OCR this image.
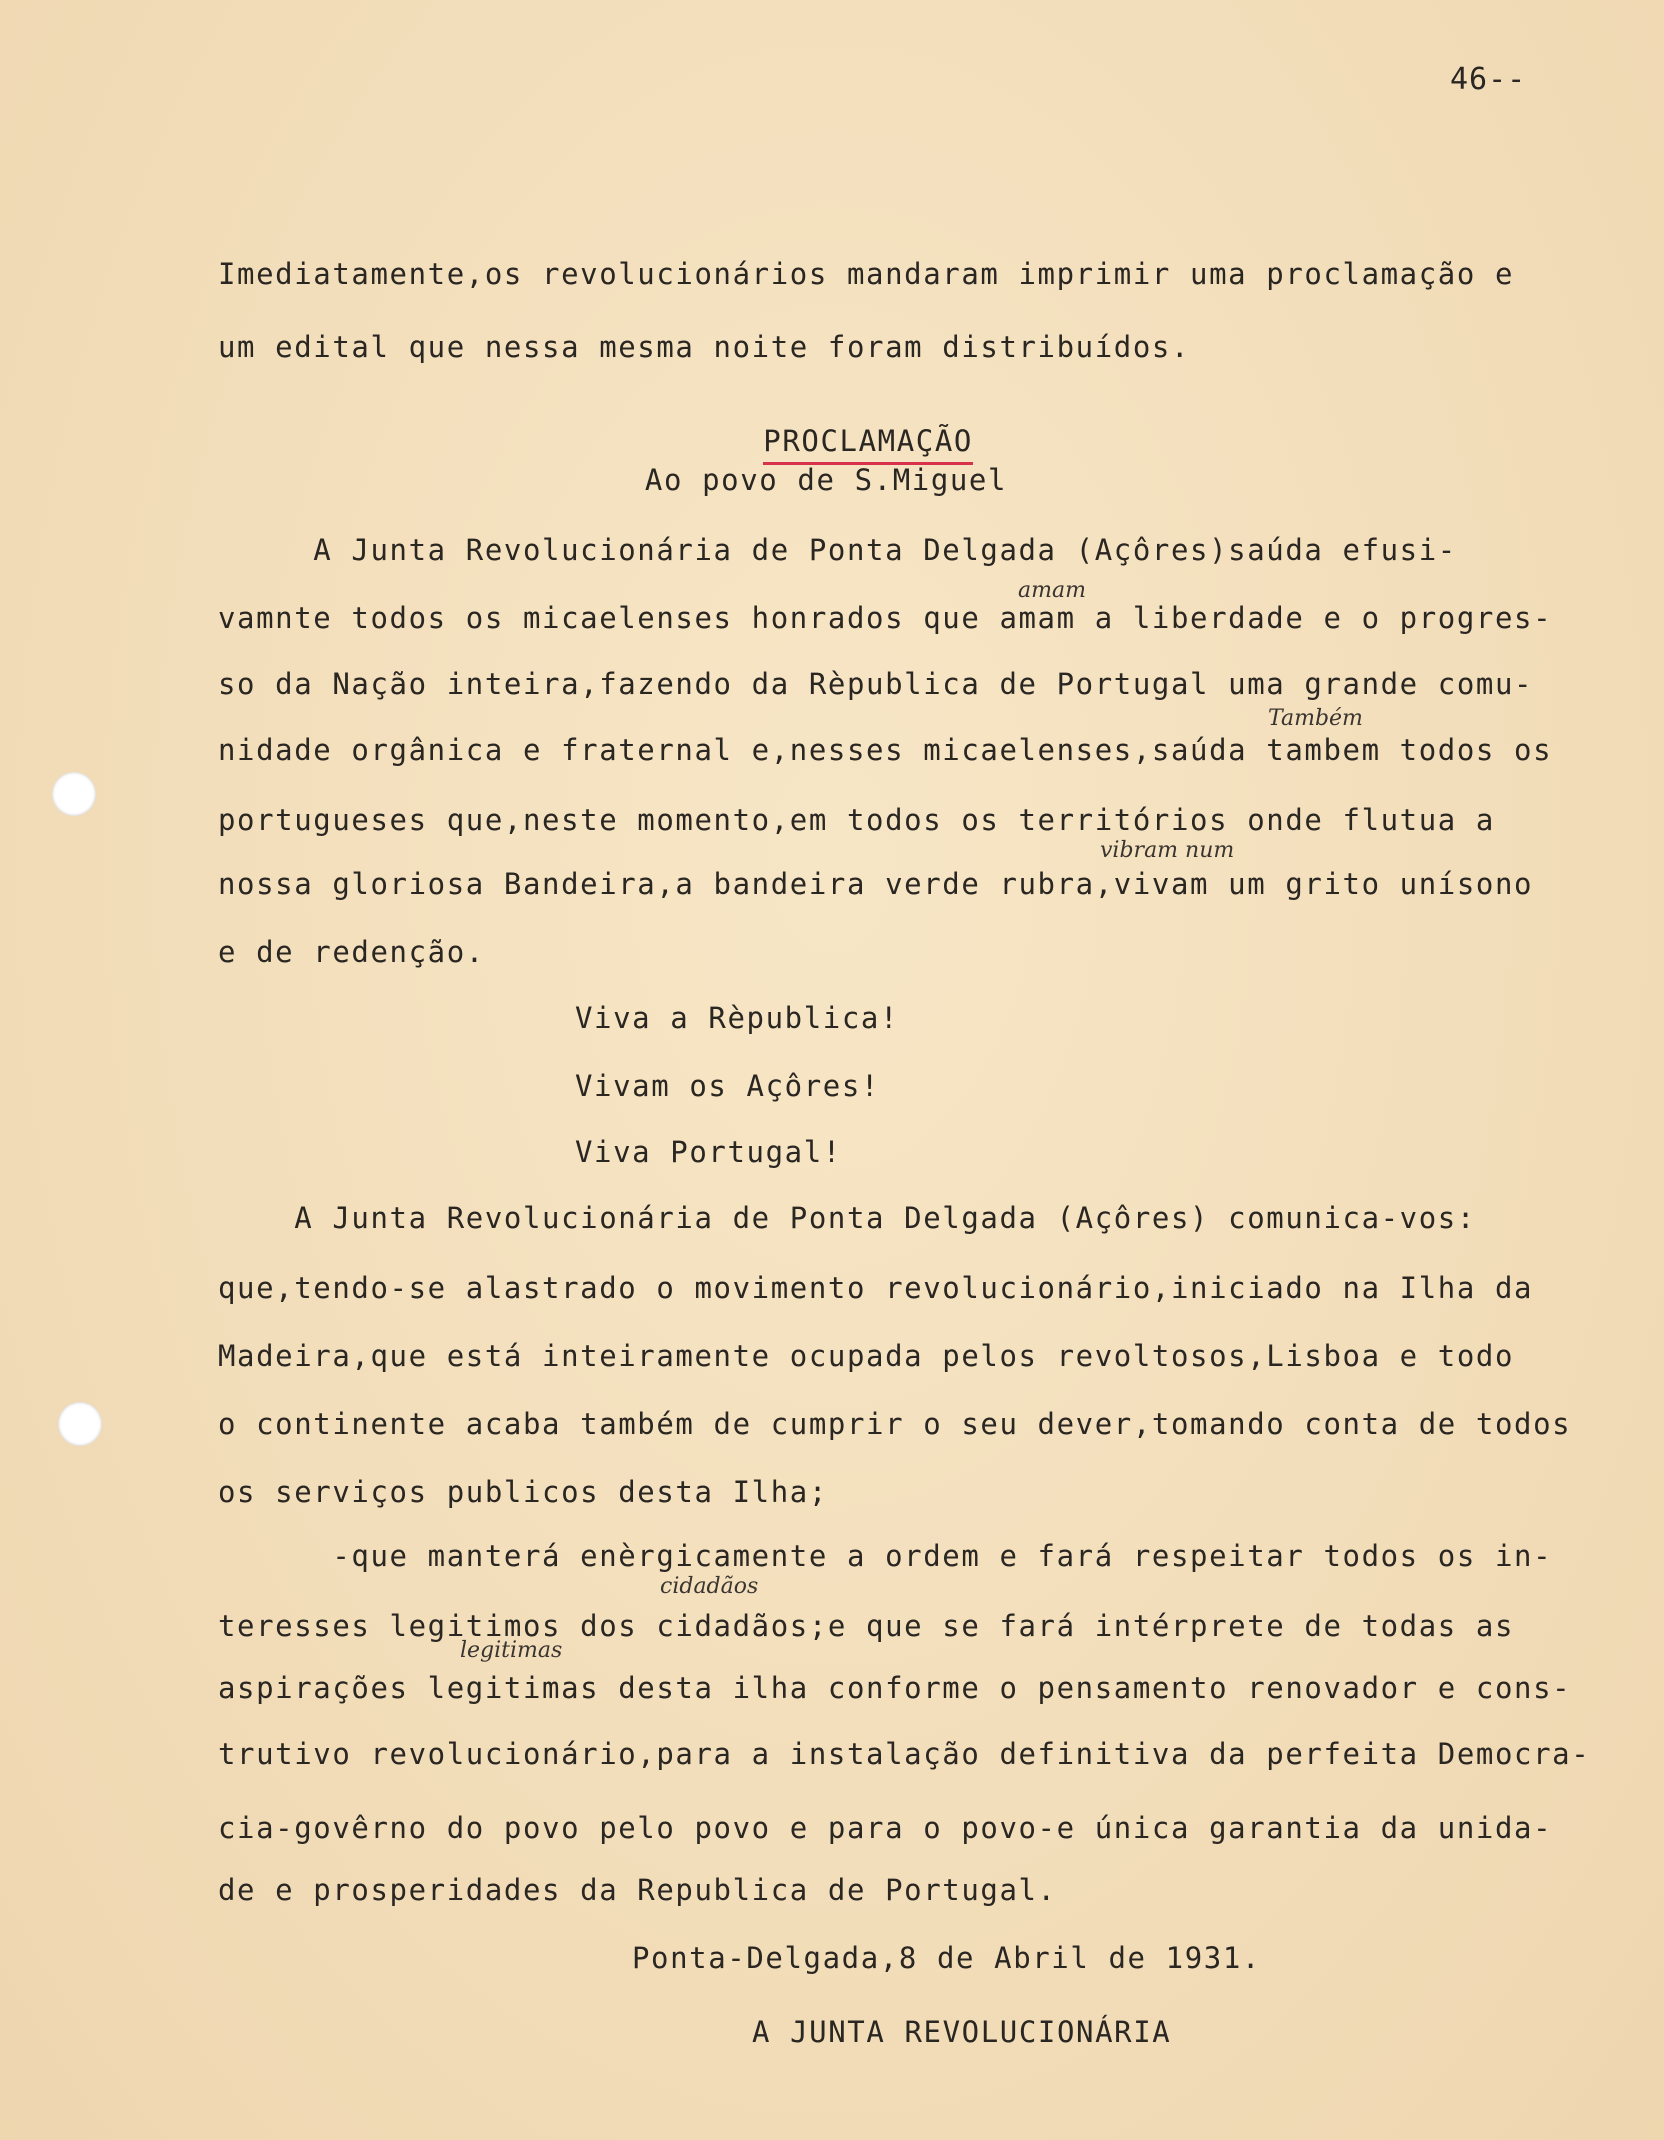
46--
Imediatamente,os revolucionários mandaram imprimir uma proclamação e
um edital que nessa mesma noite foram distribuídos.

PROCLAMAÇÃO

Ao povo de S.Miguel
A Junta Revolucionária de Ponta Delgada (Açôres)saúda efusi-
vamnte todos os micaelenses honrados que amam a liberdade e o progres-
so da Nação inteira,fazendo da Rèpublica de Portugal uma grande comu-
nidade orgânica e fraternal e,nesses micaelenses,saúda tambem todos os
portugueses que,neste momento,em todos os territórios onde flutua a
nossa gloriosa Bandeira,a bandeira verde rubra,vivam um grito unísono
e de redenção.
amam
Também
vibram num
Viva a Rèpublica!
Vivam os Açôres!
Viva Portugal!
A Junta Revolucionária de Ponta Delgada (Açôres) comunica-vos:
que,tendo-se alastrado o movimento revolucionário,iniciado na Ilha da
Madeira,que está inteiramente ocupada pelos revoltosos,Lisboa e todo
o continente acaba também de cumprir o seu dever,tomando conta de todos
os serviços publicos desta Ilha;
-que manterá enèrgicamente a ordem e fará respeitar todos os in-
teresses legitimos dos cidadãos;e que se fará intérprete de todas as
aspirações legitimas desta ilha conforme o pensamento renovador e cons-
trutivo revolucionário,para a instalação definitiva da perfeita Democra-
cia-govêrno do povo pelo povo e para o povo-e única garantia da unida-
de e prosperidades da Republica de Portugal.
cidadãos
legitimas
Ponta-Delgada,8 de Abril de 1931.
A JUNTA REVOLUCIONÁRIA
